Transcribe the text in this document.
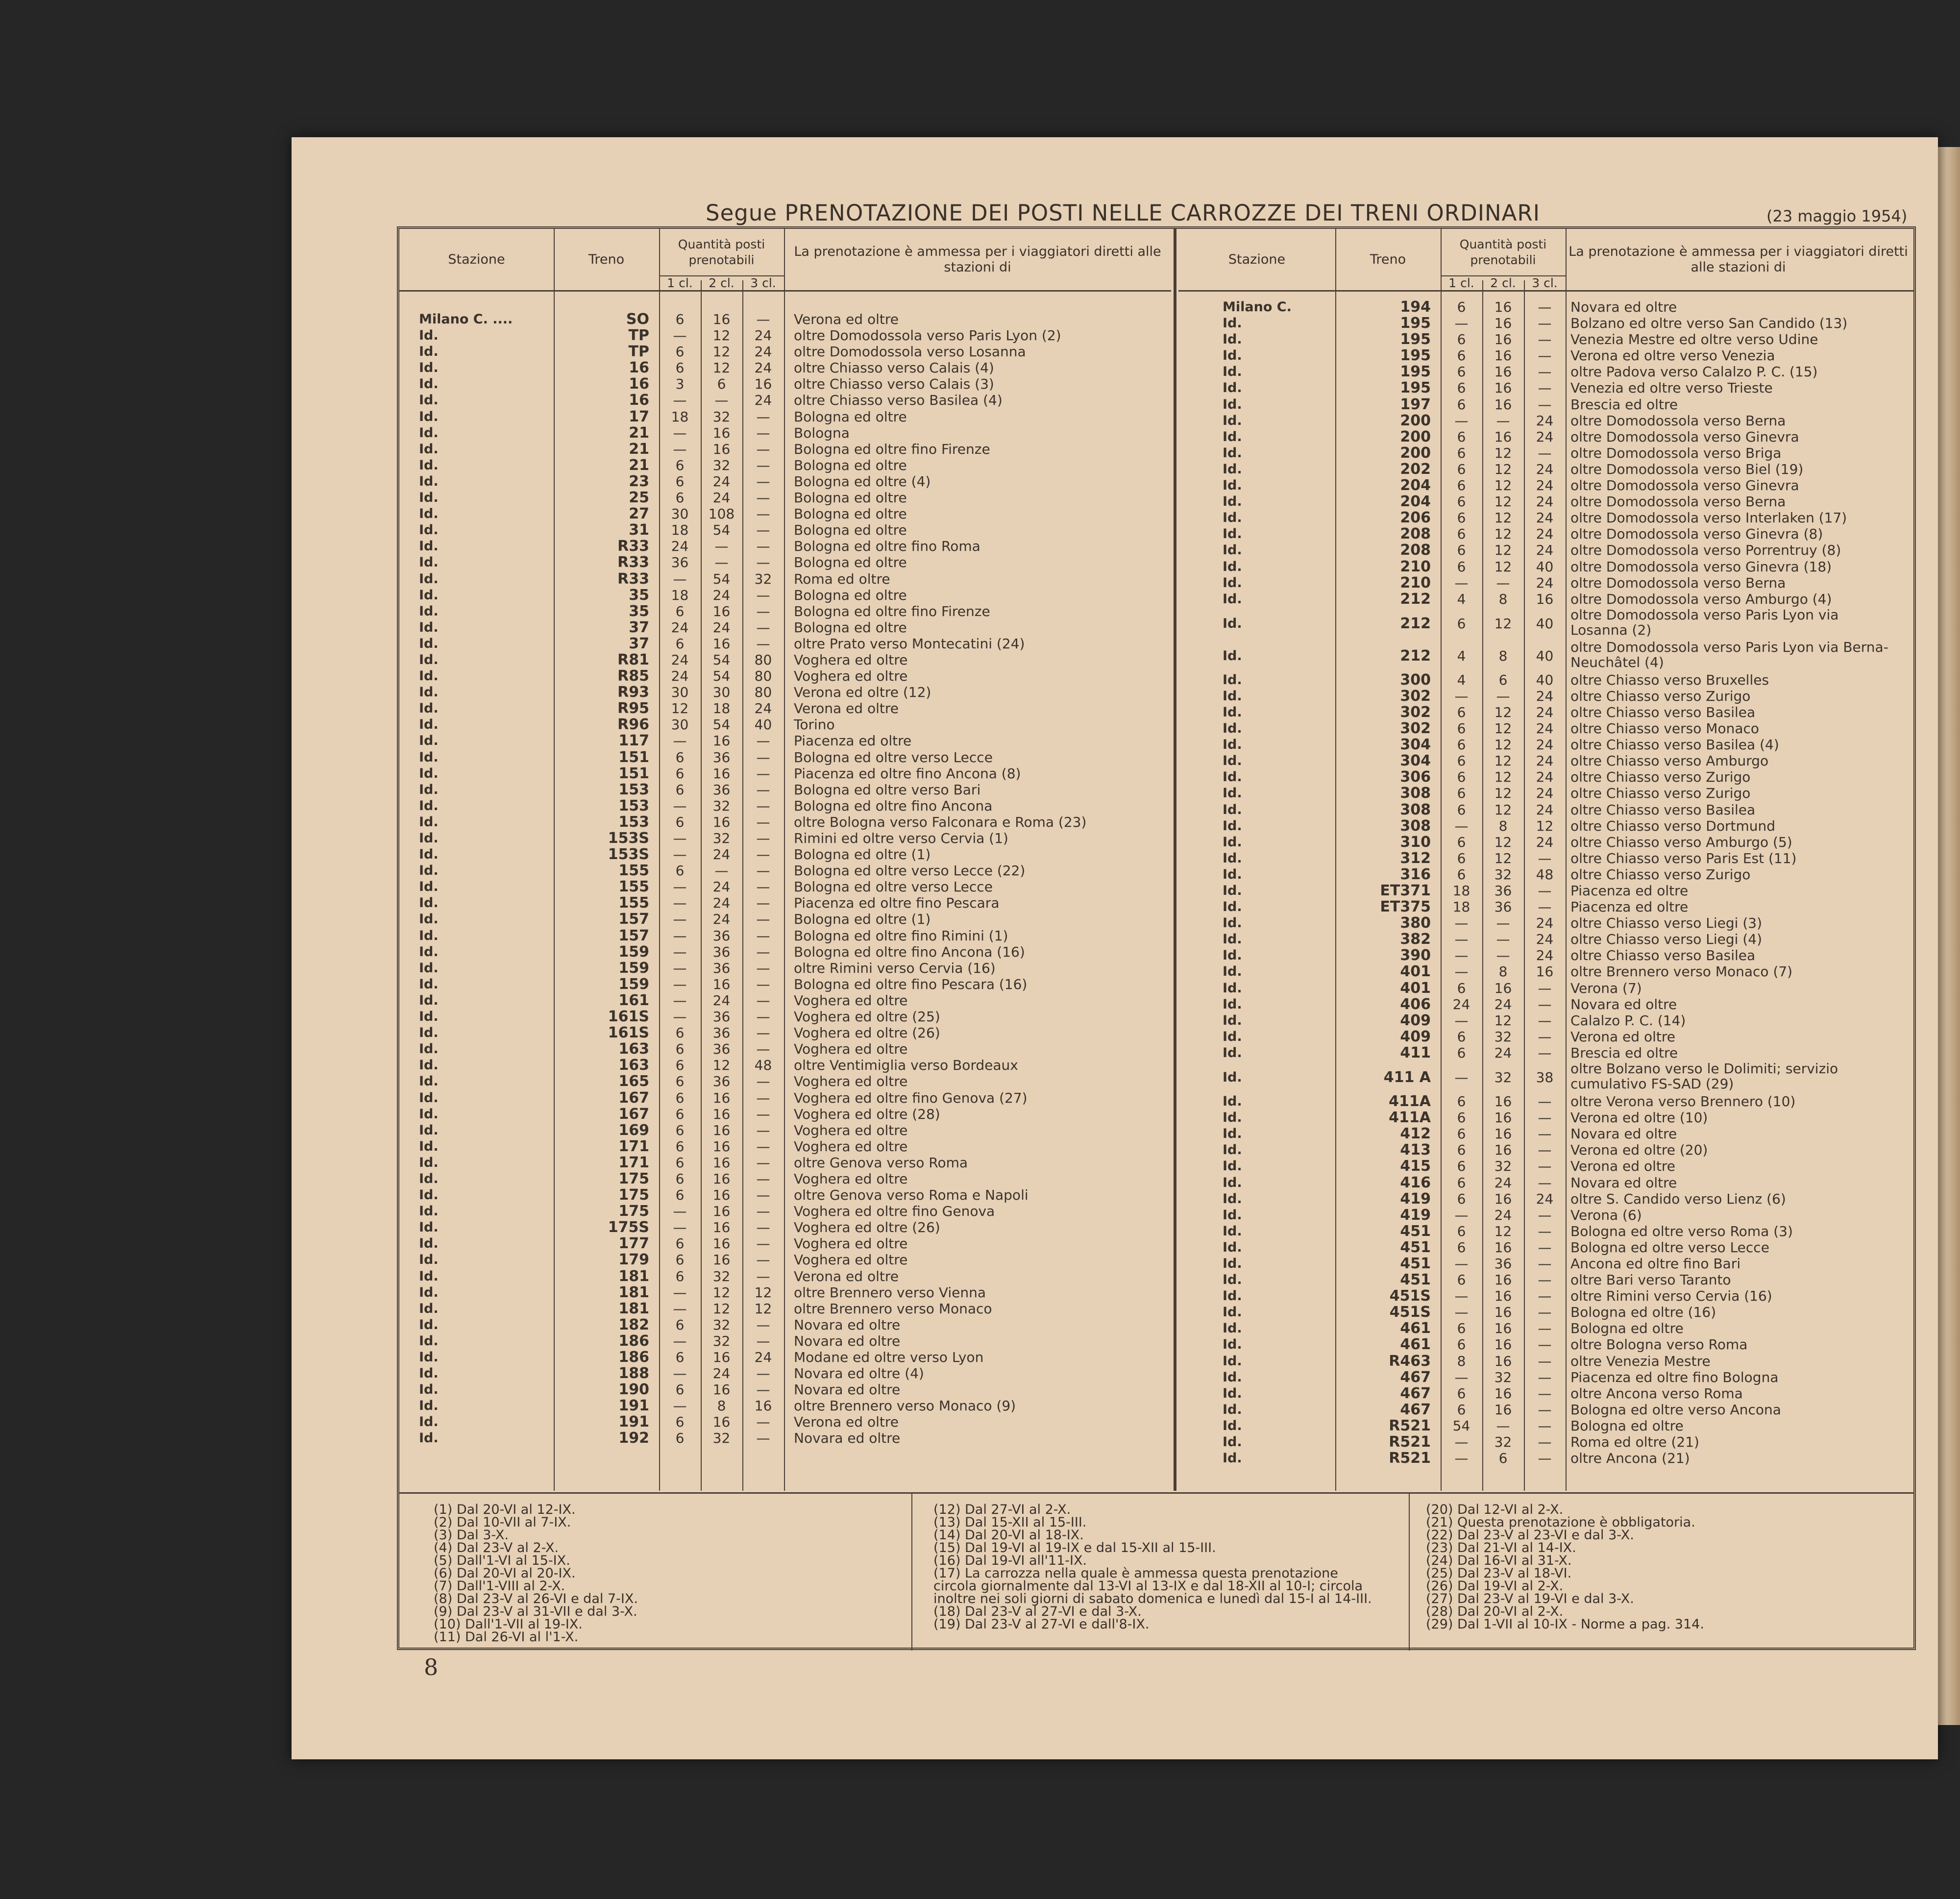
Segue PRENOTAZIONE DEI POSTI NELLE CARROZZE DEI TRENI ORDINARI	(23 maggio 1954)
Stazione	Treno
Quantità posti prenotabili
La prenotazione è ammessa per i viaggiatori diretti alle stazioni di
1 cl.	2 cl.	3 cl.
Milano C. ....	SO	6	16	—	Verona ed oltre
Id.	TP	—	12	24	oltre Domodossola verso Paris Lyon (2)
Id.	TP	6	12	24	oltre Domodossola verso Losanna
Id.	16	6	12	24	oltre Chiasso verso Calais (4)
Id.	16	3	6	16	oltre Chiasso verso Calais (3)
Id.	16	—	—	24	oltre Chiasso verso Basilea (4)
Id.	17	18	32	—	Bologna ed oltre
Id.	21	—	16	—	Bologna
Id.	21	—	16	—	Bologna ed oltre fino Firenze
Id.	21	6	32	—	Bologna ed oltre
Id.	23	6	24	—	Bologna ed oltre (4)
Id.	25	6	24	—	Bologna ed oltre
Id.	27	30	108	—	Bologna ed oltre
Id.	31	18	54	—	Bologna ed oltre
Id.	R33	24	—	—	Bologna ed oltre fino Roma
Id.	R33	36	—	—	Bologna ed oltre
Id.	R33	—	54	32	Roma ed oltre
Id.	35	18	24	—	Bologna ed oltre
Id.	35	6	16	—	Bologna ed oltre fino Firenze
Id.	37	24	24	—	Bologna ed oltre
Id.	37	6	16	—	oltre Prato verso Montecatini (24)
Id.	R81	24	54	80	Voghera ed oltre
Id.	R85	24	54	80	Voghera ed oltre
Id.	R93	30	30	80	Verona ed oltre (12)
Id.	R95	12	18	24	Verona ed oltre
Id.	R96	30	54	40	Torino
Id.	117	—	16	—	Piacenza ed oltre
Id.	151	6	36	—	Bologna ed oltre verso Lecce
Id.	151	6	16	—	Piacenza ed oltre fino Ancona (8)
Id.	153	6	36	—	Bologna ed oltre verso Bari
Id.	153	—	32	—	Bologna ed oltre fino Ancona
Id.	153	6	16	—	oltre Bologna verso Falconara e Roma (23)
Id.	153S	—	32	—	Rimini ed oltre verso Cervia (1)
Id.	153S	—	24	—	Bologna ed oltre (1)
Id.	155	6	—	—	Bologna ed oltre verso Lecce (22)
Id.	155	—	24	—	Bologna ed oltre verso Lecce
Id.	155	—	24	—	Piacenza ed oltre fino Pescara
Id.	157	—	24	—	Bologna ed oltre (1)
Id.	157	—	36	—	Bologna ed oltre fino Rimini (1)
Id.	159	—	36	—	Bologna ed oltre fino Ancona (16)
Id.	159	—	36	—	oltre Rimini verso Cervia (16)
Id.	159	—	16	—	Bologna ed oltre fino Pescara (16)
Id.	161	—	24	—	Voghera ed oltre
Id.	161S	—	36	—	Voghera ed oltre (25)
Id.	161S	6	36	—	Voghera ed oltre (26)
Id.	163	6	36	—	Voghera ed oltre
Id.	163	6	12	48	oltre Ventimiglia verso Bordeaux
Id.	165	6	36	—	Voghera ed oltre
Id.	167	6	16	—	Voghera ed oltre fino Genova (27)
Id.	167	6	16	—	Voghera ed oltre (28)
Id.	169	6	16	—	Voghera ed oltre
Id.	171	6	16	—	Voghera ed oltre
Id.	171	6	16	—	oltre Genova verso Roma
Id.	175	6	16	—	Voghera ed oltre
Id.	175	6	16	—	oltre Genova verso Roma e Napoli
Id.	175	—	16	—	Voghera ed oltre fino Genova
Id.	175S	—	16	—	Voghera ed oltre (26)
Id.	177	6	16	—	Voghera ed oltre
Id.	179	6	16	—	Voghera ed oltre
Id.	181	6	32	—	Verona ed oltre
Id.	181	—	12	12	oltre Brennero verso Vienna
Id.	181	—	12	12	oltre Brennero verso Monaco
Id.	182	6	32	—	Novara ed oltre
Id.	186	—	32	—	Novara ed oltre
Id.	186	6	16	24	Modane ed oltre verso Lyon
Id.	188	—	24	—	Novara ed oltre (4)
Id.	190	6	16	—	Novara ed oltre
Id.	191	—	8	16	oltre Brennero verso Monaco (9)
Id.	191	6	16	—	Verona ed oltre
Id.	192	6	32	—	Novara ed oltre
Stazione	Treno
Quantità posti prenotabili
La prenotazione è ammessa per i viaggiatori diretti alle stazioni di
1 cl.	2 cl.	3 cl.
Milano C.	194	6	16	—	Novara ed oltre
Id.	195	—	16	—	Bolzano ed oltre verso San Candido (13)
Id.	195	6	16	—	Venezia Mestre ed oltre verso Udine
Id.	195	6	16	—	Verona ed oltre verso Venezia
Id.	195	6	16	—	oltre Padova verso Calalzo P. C. (15)
Id.	195	6	16	—	Venezia ed oltre verso Trieste
Id.	197	6	16	—	Brescia ed oltre
Id.	200	—	—	24	oltre Domodossola verso Berna
Id.	200	6	16	24	oltre Domodossola verso Ginevra
Id.	200	6	12	—	oltre Domodossola verso Briga
Id.	202	6	12	24	oltre Domodossola verso Biel (19)
Id.	204	6	12	24	oltre Domodossola verso Ginevra
Id.	204	6	12	24	oltre Domodossola verso Berna
Id.	206	6	12	24	oltre Domodossola verso Interlaken (17)
Id.	208	6	12	24	oltre Domodossola verso Ginevra (8)
Id.	208	6	12	24	oltre Domodossola verso Porrentruy (8)
Id.	210	6	12	40	oltre Domodossola verso Ginevra (18)
Id.	210	—	—	24	oltre Domodossola verso Berna
Id.	212	4	8	16	oltre Domodossola verso Amburgo (4)
Id.	212	6	12	40
oltre Domodossola verso Paris Lyon via Losanna (2)
Id.	212	4	8	40
oltre Domodossola verso Paris Lyon via Berna-Neuchâtel (4)
Id.	300	4	6	40	oltre Chiasso verso Bruxelles
Id.	302	—	—	24	oltre Chiasso verso Zurigo
Id.	302	6	12	24	oltre Chiasso verso Basilea
Id.	302	6	12	24	oltre Chiasso verso Monaco
Id.	304	6	12	24	oltre Chiasso verso Basilea (4)
Id.	304	6	12	24	oltre Chiasso verso Amburgo
Id.	306	6	12	24	oltre Chiasso verso Zurigo
Id.	308	6	12	24	oltre Chiasso verso Zurigo
Id.	308	6	12	24	oltre Chiasso verso Basilea
Id.	308	—	8	12	oltre Chiasso verso Dortmund
Id.	310	6	12	24	oltre Chiasso verso Amburgo (5)
Id.	312	6	12	—	oltre Chiasso verso Paris Est (11)
Id.	316	6	32	48	oltre Chiasso verso Zurigo
Id.	ET371	18	36	—	Piacenza ed oltre
Id.	ET375	18	36	—	Piacenza ed oltre
Id.	380	—	—	24	oltre Chiasso verso Liegi (3)
Id.	382	—	—	24	oltre Chiasso verso Liegi (4)
Id.	390	—	—	24	oltre Chiasso verso Basilea
Id.	401	—	8	16	oltre Brennero verso Monaco (7)
Id.	401	6	16	—	Verona (7)
Id.	406	24	24	—	Novara ed oltre
Id.	409	—	12	—	Calalzo P. C. (14)
Id.	409	6	32	—	Verona ed oltre
Id.	411	6	24	—	Brescia ed oltre
Id.	411 A	—	32	38
oltre Bolzano verso le Dolimiti; servizio cumulativo FS-SAD (29)
Id.	411A	6	16	—	oltre Verona verso Brennero (10)
Id.	411A	6	16	—	Verona ed oltre (10)
Id.	412	6	16	—	Novara ed oltre
Id.	413	6	16	—	Verona ed oltre (20)
Id.	415	6	32	—	Verona ed oltre
Id.	416	6	24	—	Novara ed oltre
Id.	419	6	16	24	oltre S. Candido verso Lienz (6)
Id.	419	—	24	—	Verona (6)
Id.	451	6	12	—	Bologna ed oltre verso Roma (3)
Id.	451	6	16	—	Bologna ed oltre verso Lecce
Id.	451	—	36	—	Ancona ed oltre fino Bari
Id.	451	6	16	—	oltre Bari verso Taranto
Id.	451S	—	16	—	oltre Rimini verso Cervia (16)
Id.	451S	—	16	—	Bologna ed oltre (16)
Id.	461	6	16	—	Bologna ed oltre
Id.	461	6	16	—	oltre Bologna verso Roma
Id.	R463	8	16	—	oltre Venezia Mestre
Id.	467	—	32	—	Piacenza ed oltre fino Bologna
Id.	467	6	16	—	oltre Ancona verso Roma
Id.	467	6	16	—	Bologna ed oltre verso Ancona
Id.	R521	54	—	—	Bologna ed oltre
Id.	R521	—	32	—	Roma ed oltre (21)
Id.	R521	—	6	—	oltre Ancona (21)

(1) Dal 20-VI al 12-IX.

(2) Dal 10-VII al 7-IX.

(3) Dal 3-X.

(4) Dal 23-V al 2-X.

(5) Dall'1-VI al 15-IX.

(6) Dal 20-VI al 20-IX.

(7) Dall'1-VIII al 2-X.

(8) Dal 23-V al 26-VI e dal 7-IX.

(9) Dal 23-V al 31-VII e dal 3-X.

(10) Dall'1-VII al 19-IX.

(11) Dal 26-VI al l'1-X.

(12) Dal 27-VI al 2-X.

(13) Dal 15-XII al 15-III.

(14) Dal 20-VI al 18-IX.

(15) Dal 19-VI al 19-IX e dal 15-XII al 15-III.

(16) Dal 19-VI all'11-IX.

(17) La carrozza nella quale è ammessa questa prenotazione circola giornalmente dal 13-VI al 13-IX e dal 18-XII al 10-I; circola inoltre nei soli giorni di sabato domenica e lunedì dal 15-I al 14-III.

(18) Dal 23-V al 27-VI e dal 3-X.

(19) Dal 23-V al 27-VI e dall'8-IX.

(20) Dal 12-VI al 2-X.

(21) Questa prenotazione è obbligatoria.

(22) Dal 23-V al 23-VI e dal 3-X.

(23) Dal 21-VI al 14-IX.

(24) Dal 16-VI al 31-X.

(25) Dal 23-V al 18-VI.

(26) Dal 19-VI al 2-X.

(27) Dal 23-V al 19-VI e dal 3-X.

(28) Dal 20-VI al 2-X.

(29) Dal 1-VII al 10-IX - Norme a pag. 314.

8
